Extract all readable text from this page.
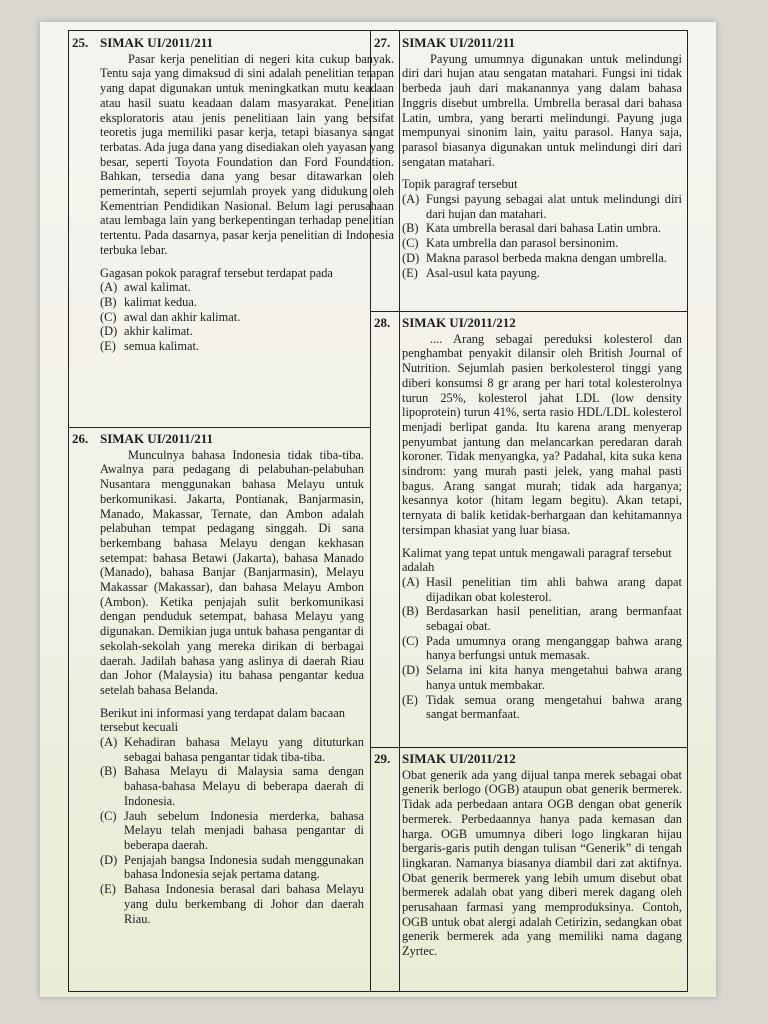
25. SIMAK UI/2011/211
Pasar kerja penelitian di negeri kita cukup banyak. Tentu saja yang dimaksud di sini adalah penelitian terapan yang dapat digunakan untuk meningkatkan mutu keadaan atau hasil suatu keadaan dalam masyarakat. Penelitian eksploratoris atau jenis penelitiaan lain yang bersifat teoretis juga memiliki pasar kerja, tetapi biasanya sangat terbatas. Ada juga dana yang disediakan oleh yayasan yang besar, seperti Toyota Foundation dan Ford Foundation. Bahkan, tersedia dana yang besar ditawarkan oleh pemerintah, seperti sejumlah proyek yang didukung oleh Kementrian Pendidikan Nasional. Belum lagi perusahaan atau lembaga lain yang berkepentingan terhadap penelitian tertentu. Pada dasarnya, pasar kerja penelitian di Indonesia terbuka lebar.
Gagasan pokok paragraf tersebut terdapat pada
(A) awal kalimat.
(B) kalimat kedua.
(C) awal dan akhir kalimat.
(D) akhir kalimat.
(E) semua kalimat.
26. SIMAK UI/2011/211
Munculnya bahasa Indonesia tidak tiba-tiba. Awalnya para pedagang di pelabuhan-pelabuhan Nusantara menggunakan bahasa Melayu untuk berkomunikasi. Jakarta, Pontianak, Banjarmasin, Manado, Makassar, Ternate, dan Ambon adalah pelabuhan tempat pedagang singgah. Di sana berkembang bahasa Melayu dengan kekhasan setempat: bahasa Betawi (Jakarta), bahasa Manado (Manado), bahasa Banjar (Banjarmasin), Melayu Makassar (Makassar), dan bahasa Melayu Ambon (Ambon). Ketika penjajah sulit berkomunikasi dengan penduduk setempat, bahasa Melayu yang digunakan. Demikian juga untuk bahasa pengantar di sekolah-sekolah yang mereka dirikan di berbagai daerah. Jadilah bahasa yang aslinya di daerah Riau dan Johor (Malaysia) itu bahasa pengantar kedua setelah bahasa Belanda.
Berikut ini informasi yang terdapat dalam bacaan tersebut kecuali
(A) Kehadiran bahasa Melayu yang dituturkan sebagai bahasa pengantar tidak tiba-tiba.
(B) Bahasa Melayu di Malaysia sama dengan bahasa-bahasa Melayu di beberapa daerah di Indonesia.
(C) Jauh sebelum Indonesia merderka, bahasa Melayu telah menjadi bahasa pengantar di beberapa daerah.
(D) Penjajah bangsa Indonesia sudah menggunakan bahasa Indonesia sejak pertama datang.
(E) Bahasa Indonesia berasal dari bahasa Melayu yang dulu berkembang di Johor dan daerah Riau.
27. SIMAK UI/2011/211
Payung umumnya digunakan untuk melindungi diri dari hujan atau sengatan matahari. Fungsi ini tidak berbeda jauh dari makanannya yang dalam bahasa Inggris disebut umbrella. Umbrella berasal dari bahasa Latin, umbra, yang berarti melindungi. Payung juga mempunyai sinonim lain, yaitu parasol. Hanya saja, parasol biasanya digunakan untuk melindungi diri dari sengatan matahari.
Topik paragraf tersebut
(A) Fungsi payung sebagai alat untuk melindungi diri dari hujan dan matahari.
(B) Kata umbrella berasal dari bahasa Latin umbra.
(C) Kata umbrella dan parasol bersinonim.
(D) Makna parasol berbeda makna dengan umbrella.
(E) Asal-usul kata payung.
28. SIMAK UI/2011/212
.... Arang sebagai pereduksi kolesterol dan penghambat penyakit dilansir oleh British Journal of Nutrition. Sejumlah pasien berkolesterol tinggi yang diberi konsumsi 8 gr arang per hari total kolesterolnya turun 25%, kolesterol jahat LDL (low density lipoprotein) turun 41%, serta rasio HDL/LDL kolesterol menjadi berlipat ganda. Itu karena arang menyerap penyumbat jantung dan melancarkan peredaran darah koroner. Tidak menyangka, ya? Padahal, kita suka kena sindrom: yang murah pasti jelek, yang mahal pasti bagus. Arang sangat murah; tidak ada harganya; kesannya kotor (hitam legam begitu). Akan tetapi, ternyata di balik ketidak-berhargaan dan kehitamannya tersimpan khasiat yang luar biasa.
Kalimat yang tepat untuk mengawali paragraf tersebut adalah
(A) Hasil penelitian tim ahli bahwa arang dapat dijadikan obat kolesterol.
(B) Berdasarkan hasil penelitian, arang bermanfaat sebagai obat.
(C) Pada umumnya orang menganggap bahwa arang hanya berfungsi untuk memasak.
(D) Selama ini kita hanya mengetahui bahwa arang hanya untuk membakar.
(E) Tidak semua orang mengetahui bahwa arang sangat bermanfaat.
29. SIMAK UI/2011/212
Obat generik ada yang dijual tanpa merek sebagai obat generik berlogo (OGB) ataupun obat generik bermerek. Tidak ada perbedaan antara OGB dengan obat generik bermerek. Perbedaannya hanya pada kemasan dan harga. OGB umumnya diberi logo lingkaran hijau bergaris-garis putih dengan tulisan “Generik” di tengah lingkaran. Namanya biasanya diambil dari zat aktifnya. Obat generik bermerek yang lebih umum disebut obat bermerek adalah obat yang diberi merek dagang oleh perusahaan farmasi yang memproduksinya. Contoh, OGB untuk obat alergi adalah Cetirizin, sedangkan obat generik bermerek ada yang memiliki nama dagang Zyrtec.
